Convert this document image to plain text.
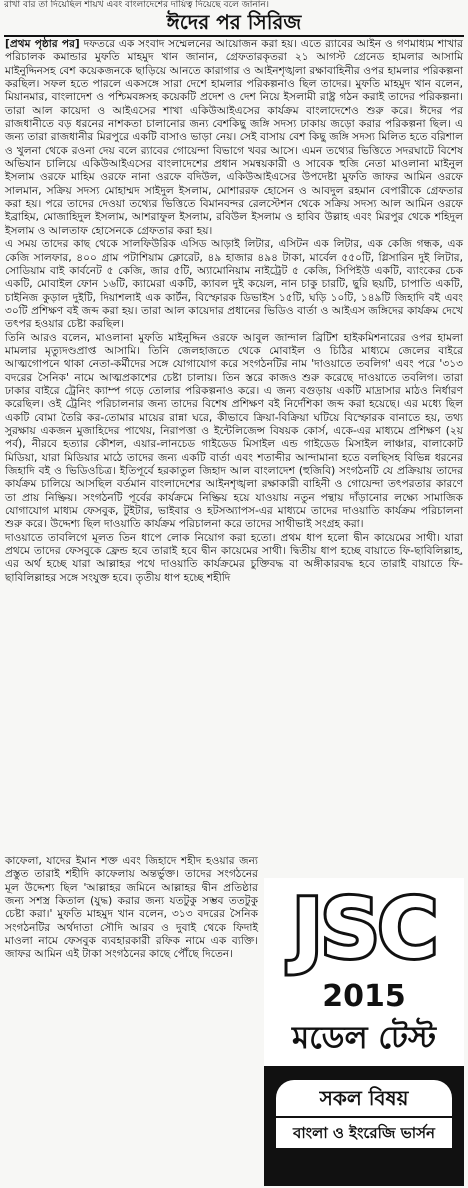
রাখা বার তা দিয়েছিল শায়খ এবং বাংলাদেশের দায়িত্ব দিয়েছে বলে জানান।
ঈদের পর সিরিজ

[প্রথম পৃষ্ঠার পর] দফতরে এক সংবাদ সম্মেলনের আয়োজন করা হয়। এতে র‌্যাবের আইন ও গণমাধ্যম শাখার পরিচালক কমান্ডার মুফতি মাহমুদ খান জানান, গ্রেফতারকৃতরা ২১ আগস্ট গ্রেনেড হামলার আসামি মাইনুদ্দিনসহ বেশ কয়েকজনকে ছাড়িয়ে আনতে কারাগার ও আইনশৃঙ্খলা রক্ষাবাহিনীর ওপর হামলার পরিকল্পনা করছিল। সফল হতে পারলে একসঙ্গে সারা দেশে হামলার পরিকল্পনাও ছিল তাদের। মুফতি মাহমুদ খান বলেন, মিয়ানমার, বাংলাদেশ ও পশ্চিমবঙ্গসহ কয়েকটি প্রদেশ ও দেশ নিয়ে ইসলামী রাষ্ট্র গঠন করাই তাদের পরিকল্পনা। তারা আল কায়েদা ও আইএসের শাখা একিউআইএসের কার্যক্রম বাংলাদেশেও শুরু করে। ঈদের পর রাজধানীতে বড় ধরনের নাশকতা চালানোর জন্য বেশকিছু জঙ্গি সদস্য ঢাকায় জড়ো করার পরিকল্পনা ছিল। এ জন্য তারা রাজধানীর মিরপুরে একটি বাসাও ভাড়া নেয়। সেই বাসায় বেশ কিছু জঙ্গি সদস্য মিলিত হতে বরিশাল ও খুলনা থেকে রওনা দেয় বলে র‌্যাবের গোয়েন্দা বিভাগে খবর আসে। এমন তথ্যের ভিত্তিতে সদরঘাটে বিশেষ অভিযান চালিয়ে একিউআইএসের বাংলাদেশের প্রধান সমন্বয়কারী ও সাবেক হুজি নেতা মাওলানা মাইনুল ইসলাম ওরফে মাহিম ওরফে নানা ওরফে বদিউল, একিউআইএসের উপদেষ্টা মুফতি জাফর আমিন ওরফে সালমান, সক্রিয় সদস্য মোহাম্মদ সাইদুল ইসলাম, মোশাররফ হোসেন ও আবদুল রহমান বেপারীকে গ্রেফতার করা হয়। পরে তাদের দেওয়া তথ্যের ভিত্তিতে বিমানবন্দর রেলস্টেশন থেকে সক্রিয় সদস্য আল আমিন ওরফে ইব্রাহিম, মোজাহিদুল ইসলাম, আশরাফুল ইসলাম, রবিউল ইসলাম ও হাবিব উল্লাহ এবং মিরপুর থেকে শহিদুল ইসলাম ও আলতাফ হোসেনকে গ্রেফতার করা হয়।

এ সময় তাদের কাছ থেকে সালফিউরিক এসিড আড়াই লিটার, এসিটন এক লিটার, এক কেজি গন্ধক, এক কেজি সালফার, ৪০০ গ্রাম পটাশিয়াম ক্লোরেট, ৪৯ হাজার ৪৯৪ টাকা, মার্বেল ৫৫০টি, গ্লিসারিন দুই লিটার, সোডিয়াম বাই কার্বনেট ৫ কেজি, জার ৫টি, অ্যামোনিয়াম নাইট্রেট ৫ কেজি, সিপিইউ একটি, ব্যাংকের চেক একটি, মোবাইল ফোন ১৬টি, ক্যামেরা একটি, ক্যাবল দুই কয়েল, নান চাকু চারটি, ছুরি ছয়টি, চাপাতি একটি, চাইনিজ কুড়াল দুইটি, দিয়াশলাই এক কার্টন, বিস্ফোরক ডিভাইস ১৫টি, ঘড়ি ১০টি, ১৪৯টি জিহাদি বই এবং ৩০টি প্রশিক্ষণ বই জব্দ করা হয়। তারা আল কায়েদার প্রধানের ভিডিও বার্তা ও আইএস জঙ্গিদের কার্যক্রম দেখে তৎপর হওয়ার চেষ্টা করছিল।

তিনি আরও বলেন, মাওলানা মুফতি মাইনুদ্দিন ওরফে আবুল জান্দাল ব্রিটিশ হাইকমিশনারের ওপর হামলা মামলার মৃত্যুদণ্ডপ্রাপ্ত আসামি। তিনি জেলহাজতে থেকে মোবাইল ও চিঠির মাধ্যমে জেলের বাইরে আত্মগোপনে থাকা নেতা-কর্মীদের সঙ্গে যোগাযোগ করে সংগঠনটির নাম 'দাওয়াতে তবলিগ' এবং পরে '৩১৩ বদরের সৈনিক' নামে আত্মপ্রকাশের চেষ্টা চালায়। তিন স্তরে কাজও শুরু করেছে দাওয়াতে তবলিগ। তারা ঢাকার বাইরে ট্রেনিং ক্যাম্প গড়ে তোলার পরিকল্পনাও করে। এ জন্য বগুড়ায় একটি মাদ্রাসার মাঠও নির্ধারণ করেছিল। ওই ট্রেনিং পরিচালনার জন্য তাদের বিশেষ প্রশিক্ষণ বই নির্দেশিকা জব্দ করা হয়েছে। এর মধ্যে ছিল একটি বোমা তৈরি কর-তোমার মায়ের রান্না ঘরে, কীভাবে ক্রিয়া-বিক্রিয়া ঘটিয়ে বিস্ফোরক বানাতে হয়, তথ্য সুরক্ষায় একজন মুজাহিদের পাথেয়, নিরাপত্তা ও ইন্টেলিজেন্স বিষয়ক কোর্স, একে-এর মাধ্যমে প্রশিক্ষণ (২য় পর্ব), নীরবে হত্যার কৌশল, এয়ার-লানচেড গাইডেড মিসাইল এন্ড গাইডেড মিসাইল লাঞ্চার, বালাকোট মিডিয়া, যারা মিডিয়ার মাঠে তাদের জন্য একটি বার্তা এবং শতাব্দীর আন্দামানা হতে বলছিসহ বিভিন্ন ধরনের জিহাদি বই ও ভিডিওচিত্র। ইতিপূর্বে হরকাতুল জিহাদ আল বাংলাদেশ (হুজিবি) সংগঠনটি যে প্রক্রিয়ায় তাদের কার্যক্রম চালিয়ে আসছিল বর্তমান বাংলাদেশের আইনশৃঙ্খলা রক্ষাকারী বাহিনী ও গোয়েন্দা তৎপরতার কারণে তা প্রায় নিষ্ক্রিয়। সংগঠনটি পূর্বের কার্যক্রমে নিষ্ক্রিয় হয়ে যাওয়ায় নতুন পন্থায় দাঁড়ানোর লক্ষ্যে সামাজিক যোগাযোগ মাধ্যম ফেসবুক, টুইটার, ভাইবার ও হটসঅ্যাপস-এর মাধ্যমে তাদের দাওয়াতি কার্যক্রম পরিচালনা শুরু করে। উদ্দেশ্য ছিল দাওয়াতি কার্যক্রম পরিচালনা করে তাদের সাথীভাই সংগ্রহ করা।

দাওয়াতে তাবলিগে মূলত তিন ধাপে লোক নিয়োগ করা হতো। প্রথম ধাপ হলো দ্বীন কায়েমের সাথী। যারা প্রথমে তাদের ফেসবুকে ফ্রেন্ড হবে তারাই হবে দ্বীন কায়েমের সাথী। দ্বিতীয় ধাপ হচ্ছে বায়াতে ফি-ছাবিলিল্লাহ, এর অর্থ হচ্ছে যারা আল্লাহর পথে দাওয়াতি কার্যক্রমের চুক্তিবদ্ধ বা অঙ্গীকারবদ্ধ হবে তারাই বায়াতে ফি-ছাবিলিল্লাহর সঙ্গে সংযুক্ত হবে। তৃতীয় ধাপ হচ্ছে শহীদি

কাফেলা, যাদের ইমান শক্ত এবং জিহাদে শহীদ হওয়ার জন্য প্রস্তুত তারাই শহীদি কাফেলায় অন্তর্ভুক্ত। তাদের সংগঠনের মূল উদ্দেশ্য ছিল 'আল্লাহর জমিনে আল্লাহর দ্বীন প্রতিষ্ঠার জন্য সশস্ত্র কিতাল (যুদ্ধ) করার জন্য যতটুকু সম্ভব ততটুকু চেষ্টা করা।' মুফতি মাহমুদ খান বলেন, ৩১৩ বদরের সৈনিক সংগঠনটির অর্থদাতা সৌদি আরব ও দুবাই থেকে ফিদাই মাওলা নামে ফেসবুক ব্যবহারকারী রফিক নামে এক ব্যক্তি। জাফর আমিন এই টাকা সংগঠনের কাছে পৌঁছে দিতেন। JSC
2015
মডেল টেস্ট
সকল বিষয়
বাংলা ও ইংরেজি ভার্সন
